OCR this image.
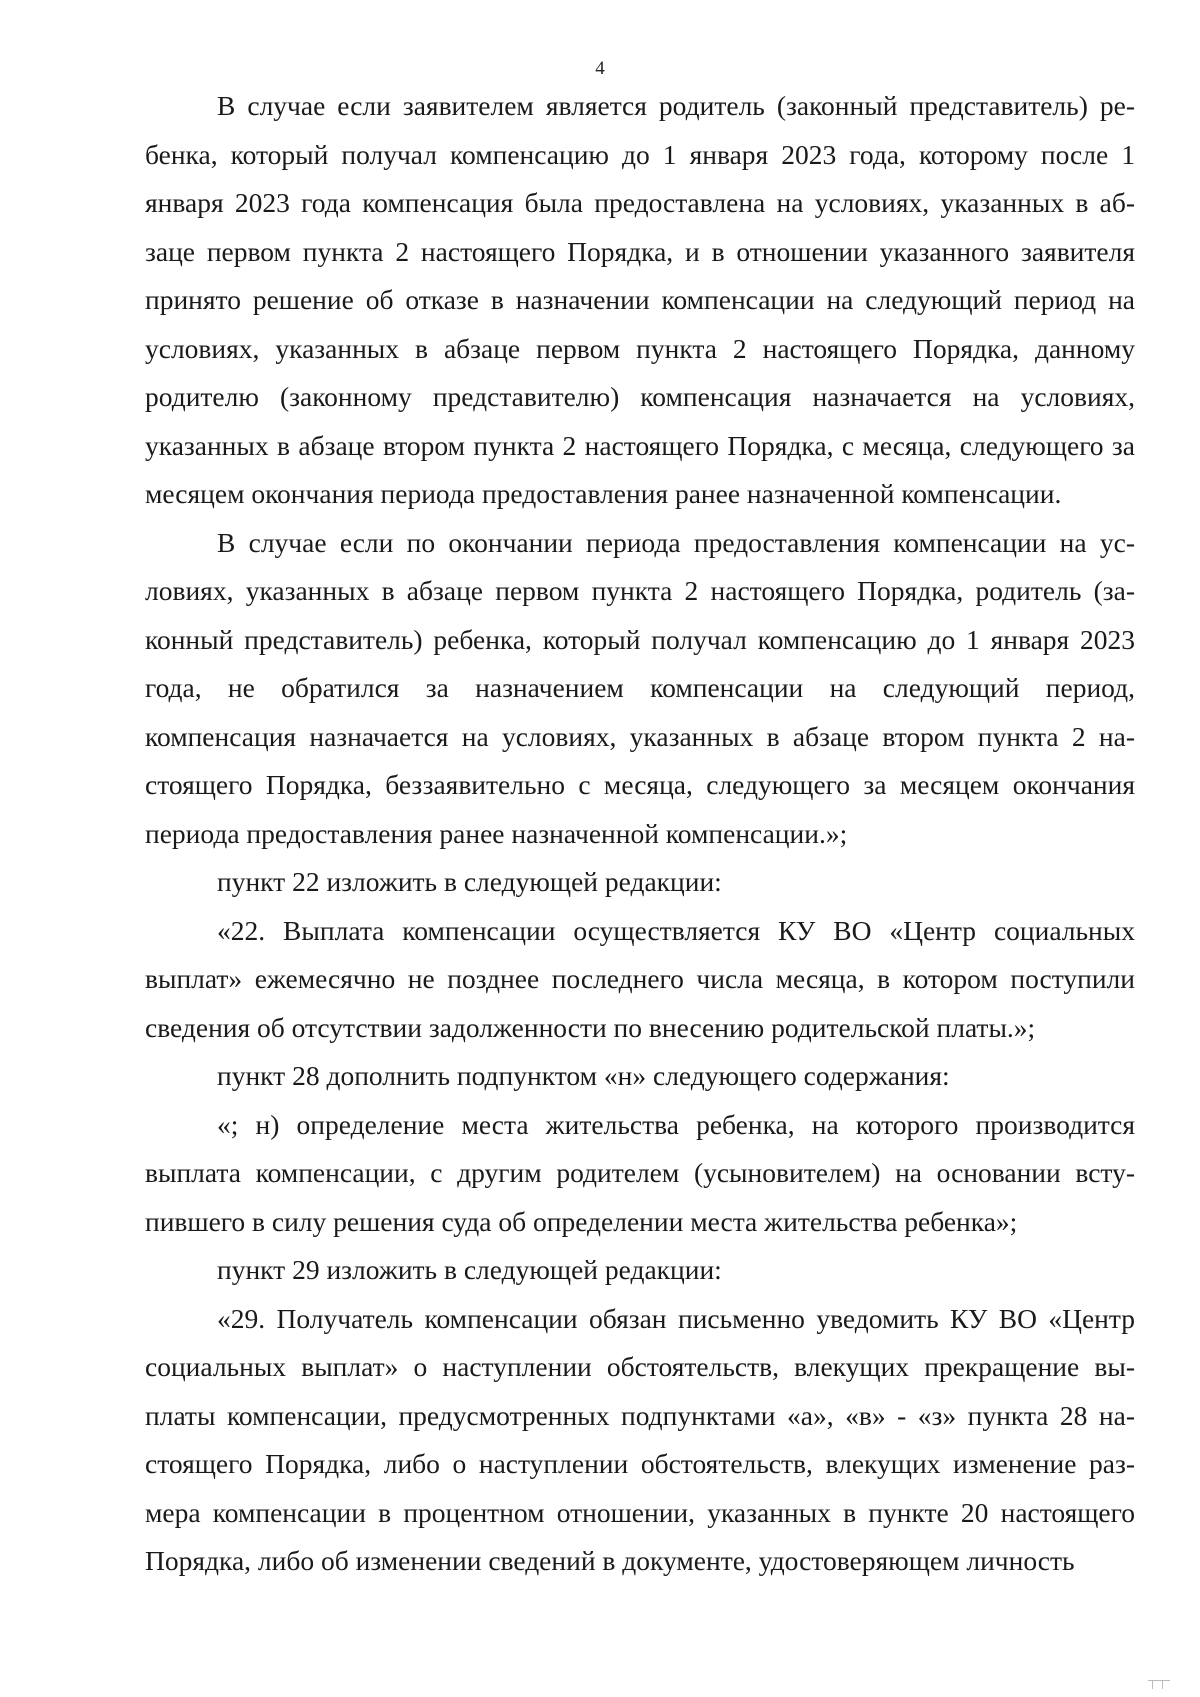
4

В случае если заявителем является родитель (законный представитель) ре-бенка, который получал компенсацию до 1 января 2023 года, которому после 1 января 2023 года компенсация была предоставлена на условиях, указанных в аб-заце первом пункта 2 настоящего Порядка, и в отношении указанного заявителя принято решение об отказе в назначении компенсации на следующий период на условиях, указанных в абзаце первом пункта 2 настоящего Порядка, данному родителю (законному представителю) компенсация назначается на условиях, указанных в абзаце втором пункта 2 настоящего Порядка, с месяца, следующего за месяцем окончания периода предоставления ранее назначенной компенсации.

В случае если по окончании периода предоставления компенсации на ус-ловиях, указанных в абзаце первом пункта 2 настоящего Порядка, родитель (за-конный представитель) ребенка, который получал компенсацию до 1 января 2023 года, не обратился за назначением компенсации на следующий период, компенсация назначается на условиях, указанных в абзаце втором пункта 2 на-стоящего Порядка, беззаявительно с месяца, следующего за месяцем окончания периода предоставления ранее назначенной компенсации.»;

пункт 22 изложить в следующей редакции:

«22. Выплата компенсации осуществляется КУ ВО «Центр социальных выплат» ежемесячно не позднее последнего числа месяца, в котором поступили сведения об отсутствии задолженности по внесению родительской платы.»;

пункт 28 дополнить подпунктом «н» следующего содержания:

«; н) определение места жительства ребенка, на которого производится выплата компенсации, с другим родителем (усыновителем) на основании всту-пившего в силу решения суда об определении места жительства ребенка»;

пункт 29 изложить в следующей редакции:

«29. Получатель компенсации обязан письменно уведомить КУ ВО «Центр социальных выплат» о наступлении обстоятельств, влекущих прекращение вы-платы компенсации, предусмотренных подпунктами «а», «в» - «з» пункта 28 на-стоящего Порядка, либо о наступлении обстоятельств, влекущих изменение раз-мера компенсации в процентном отношении, указанных в пункте 20 настоящего Порядка, либо об изменении сведений в документе, удостоверяющем личность
